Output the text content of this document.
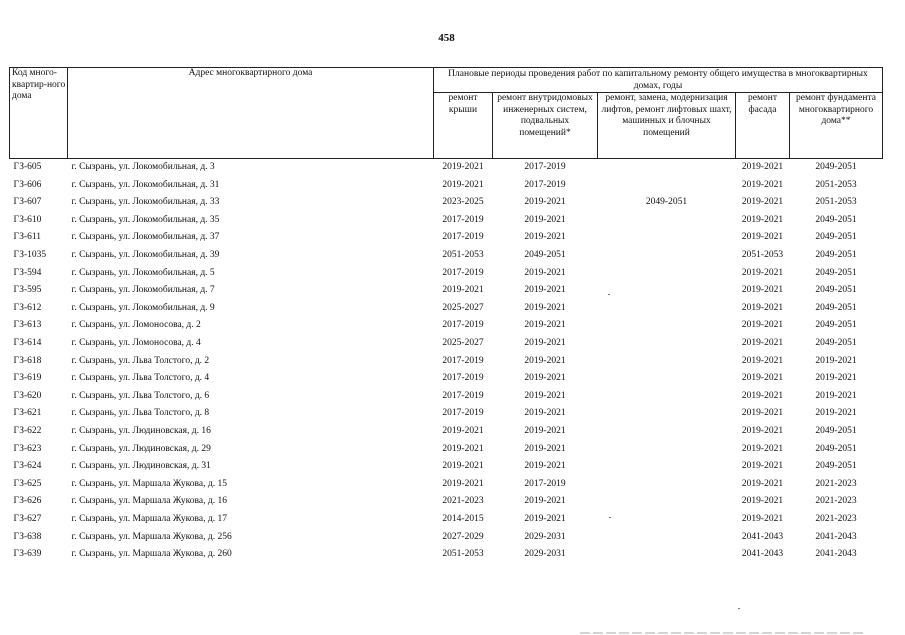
458
Код много-квартир-ного дома	Адрес многоквартирного дома	Плановые периоды проведения работ по капитальному ремонту общего имущества в многоквартирных домах, годы				
		ремонт крыши	ремонт внутридомовых инженерных систем, подвальных помещений*	ремонт, замена, модернизация лифтов, ремонт лифтовых шахт, машинных и блочных помещений	ремонт фасада	ремонт фундамента многоквартирного дома**
ГЗ-605	г. Сызрань, ул. Локомобильная, д. 3	2019-2021	2017-2019		2019-2021	2049-2051
ГЗ-606	г. Сызрань, ул. Локомобильная, д. 31	2019-2021	2017-2019		2019-2021	2051-2053
ГЗ-607	г. Сызрань, ул. Локомобильная, д. 33	2023-2025	2019-2021	2049-2051	2019-2021	2051-2053
ГЗ-610	г. Сызрань, ул. Локомобильная, д. 35	2017-2019	2019-2021		2019-2021	2049-2051
ГЗ-611	г. Сызрань, ул. Локомобильная, д. 37	2017-2019	2019-2021		2019-2021	2049-2051
ГЗ-1035	г. Сызрань, ул. Локомобильная, д. 39	2051-2053	2049-2051		2051-2053	2049-2051
ГЗ-594	г. Сызрань, ул. Локомобильная, д. 5	2017-2019	2019-2021		2019-2021	2049-2051
ГЗ-595	г. Сызрань, ул. Локомобильная, д. 7	2019-2021	2019-2021		2019-2021	2049-2051
ГЗ-612	г. Сызрань, ул. Локомобильная, д. 9	2025-2027	2019-2021		2019-2021	2049-2051
ГЗ-613	г. Сызрань, ул. Ломоносова, д. 2	2017-2019	2019-2021		2019-2021	2049-2051
ГЗ-614	г. Сызрань, ул. Ломоносова, д. 4	2025-2027	2019-2021		2019-2021	2049-2051
ГЗ-618	г. Сызрань, ул. Льва Толстого, д. 2	2017-2019	2019-2021		2019-2021	2019-2021
ГЗ-619	г. Сызрань, ул. Льва Толстого, д. 4	2017-2019	2019-2021		2019-2021	2019-2021
ГЗ-620	г. Сызрань, ул. Льва Толстого, д. 6	2017-2019	2019-2021		2019-2021	2019-2021
ГЗ-621	г. Сызрань, ул. Льва Толстого, д. 8	2017-2019	2019-2021		2019-2021	2019-2021
ГЗ-622	г. Сызрань, ул. Людиновская, д. 16	2019-2021	2019-2021		2019-2021	2049-2051
ГЗ-623	г. Сызрань, ул. Людиновская, д. 29	2019-2021	2019-2021		2019-2021	2049-2051
ГЗ-624	г. Сызрань, ул. Людиновская, д. 31	2019-2021	2019-2021		2019-2021	2049-2051
ГЗ-625	г. Сызрань, ул. Маршала Жукова, д. 15	2019-2021	2017-2019		2019-2021	2021-2023
ГЗ-626	г. Сызрань, ул. Маршала Жукова, д. 16	2021-2023	2019-2021		2019-2021	2021-2023
ГЗ-627	г. Сызрань, ул. Маршала Жукова, д. 17	2014-2015	2019-2021		2019-2021	2021-2023
ГЗ-638	г. Сызрань, ул. Маршала Жукова, д. 256	2027-2029	2029-2031		2041-2043	2041-2043
ГЗ-639	г. Сызрань, ул. Маршала Жукова, д. 260	2051-2053	2029-2031		2041-2043	2041-2043
